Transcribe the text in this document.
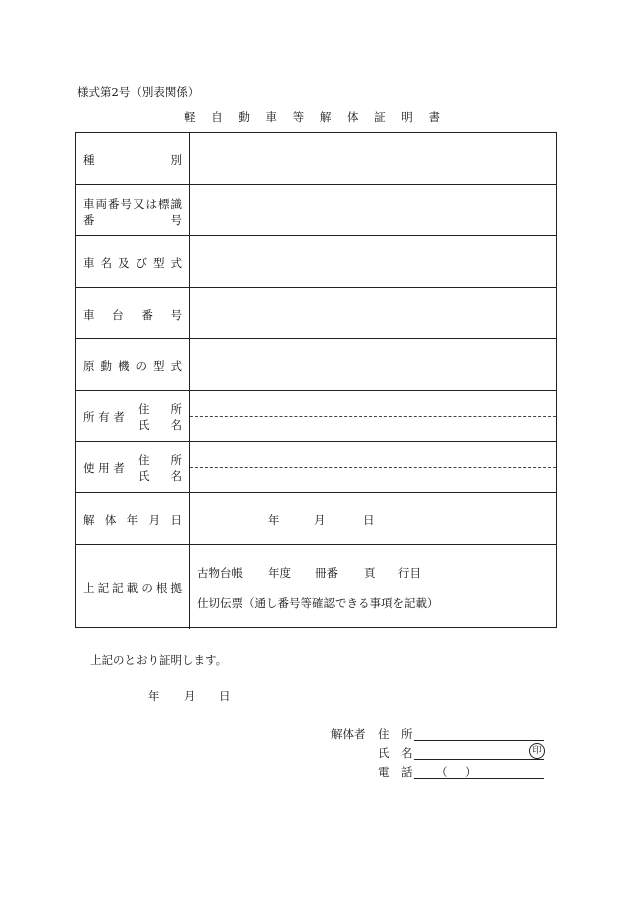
様式第2号（別表関係）
軽 自 動 車 等 解 体 証 明 書
種	別
車 両 番 号 又 は 標 識
番	号
車 名 及 び 型 式
車 台 番 号
原 動 機 の 型 式
所 有 者
住 所
氏 名
使 用 者
住 所
氏 名
解 体 年 月 日	年	月	日
上 記 記 載 の 根 拠
古物台帳 年度 冊番 頁 行目
仕切伝票（通し番号等確認できる事項を記載）
上記のとおり証明します。
年 月 日
解体者 住　所
氏　名	印
電　話 （ ）
